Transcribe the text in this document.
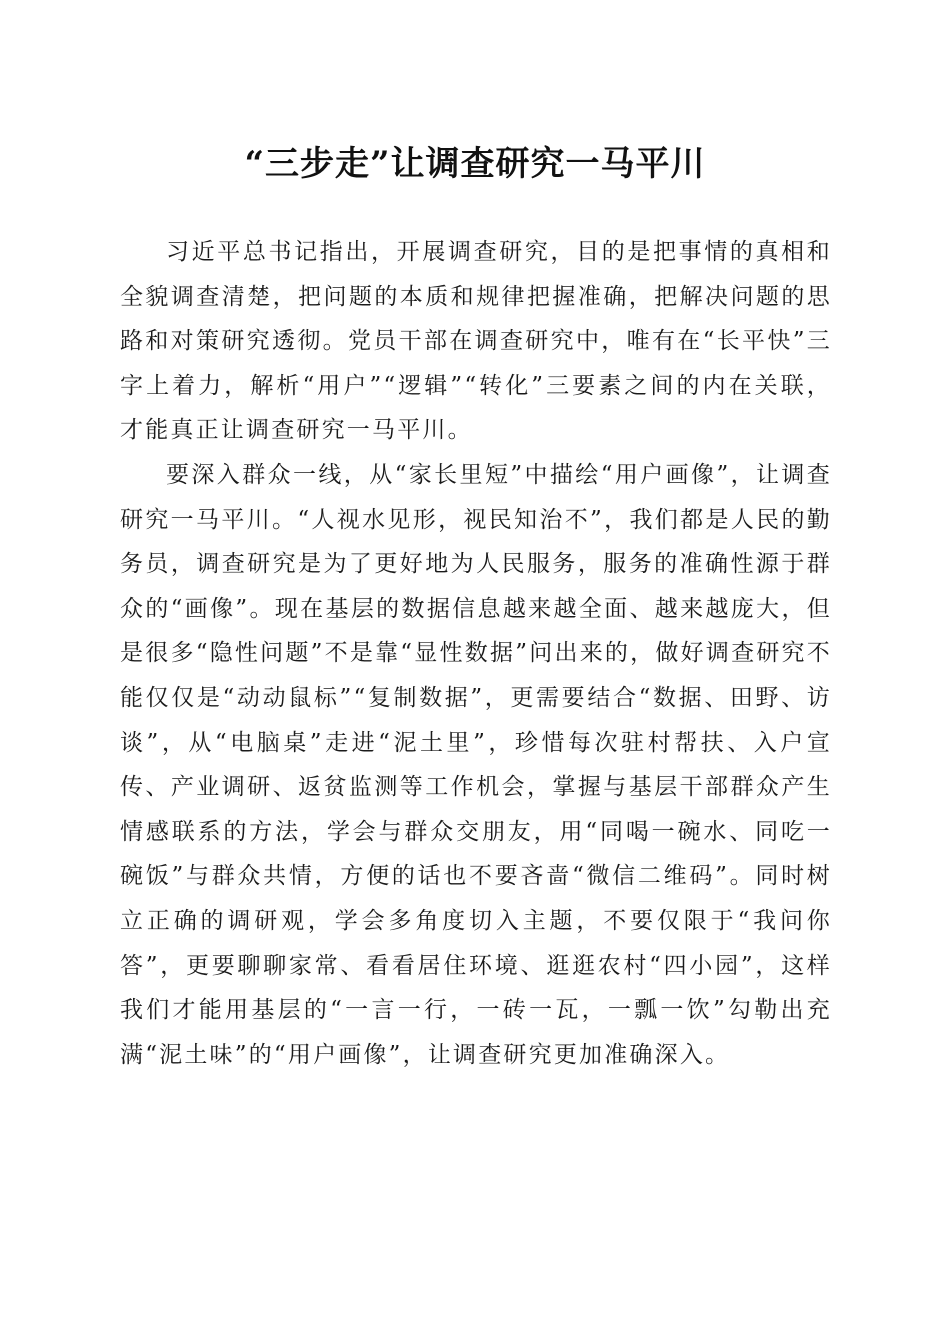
“三步走”让调查研究一马平川

习近平总书记指出，开展调查研究，目的是把事情的真相和全貌调查清楚，把问题的本质和规律把握准确，把解决问题的思路和对策研究透彻。党员干部在调查研究中，唯有在“长平快”三字上着力，解析“用户”“逻辑”“转化”三要素之间的内在关联，才能真正让调查研究一马平川。

要深入群众一线，从“家长里短”中描绘“用户画像”，让调查研究一马平川。“人视水见形，视民知治不”，我们都是人民的勤务员，调查研究是为了更好地为人民服务，服务的准确性源于群众的“画像”。现在基层的数据信息越来越全面、越来越庞大，但是很多“隐性问题”不是靠“显性数据”问出来的，做好调查研究不能仅仅是“动动鼠标”“复制数据”，更需要结合“数据、田野、访谈”，从“电脑桌”走进“泥土里”，珍惜每次驻村帮扶、入户宣传、产业调研、返贫监测等工作机会，掌握与基层干部群众产生情感联系的方法，学会与群众交朋友，用“同喝一碗水、同吃一碗饭”与群众共情，方便的话也不要吝啬“微信二维码”。同时树立正确的调研观，学会多角度切入主题，不要仅限于“我问你答”，更要聊聊家常、看看居住环境、逛逛农村“四小园”，这样我们才能用基层的“一言一行，一砖一瓦，一瓢一饮”勾勒出充满“泥土味”的“用户画像”，让调查研究更加准确深入。
